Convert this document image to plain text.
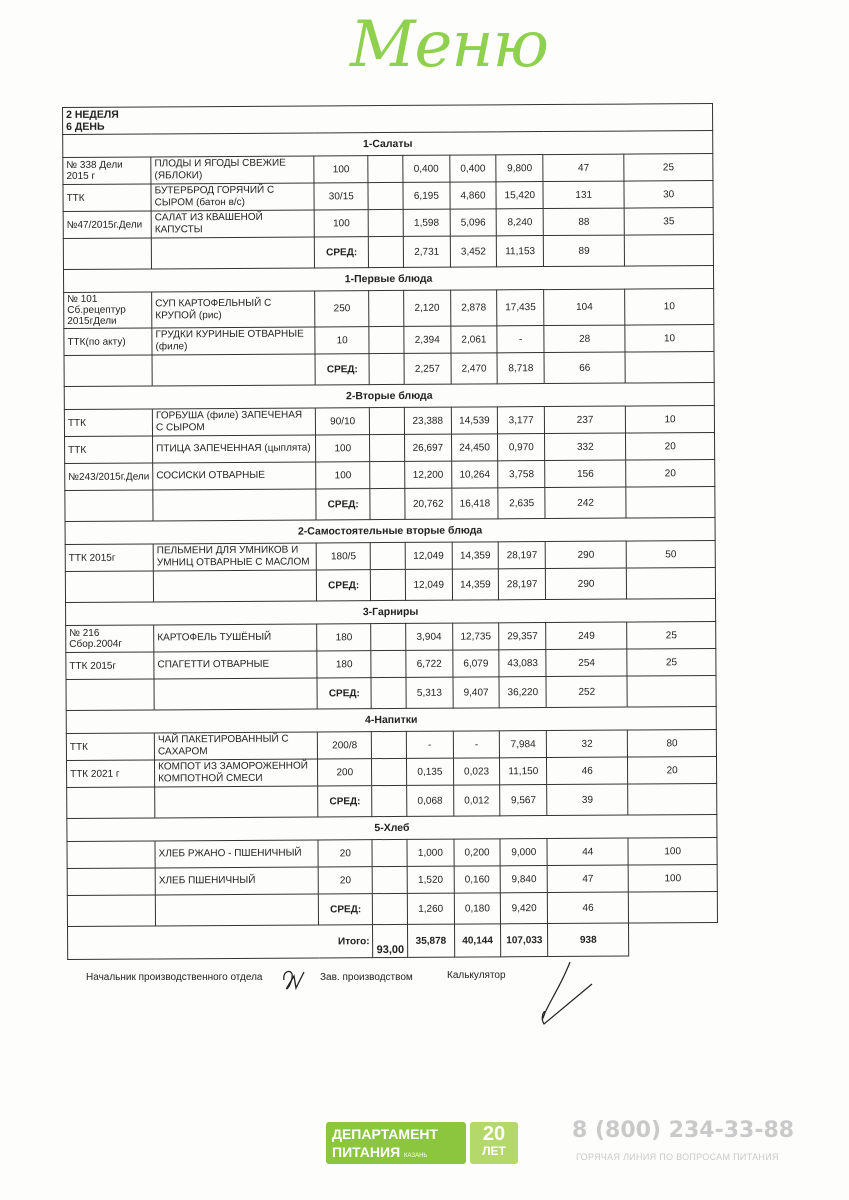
Меню
2 НЕДЕЛЯ
6 ДЕНЬ								
1-Салаты								
№ 338 Дели 2015 г	ПЛОДЫ И ЯГОДЫ СВЕЖИЕ (ЯБЛОКИ)	100		0,400	0,400	9,800	47	25
ТТК	БУТЕРБРОД ГОРЯЧИЙ С СЫРОМ (батон в/с)	30/15		6,195	4,860	15,420	131	30
№47/2015г.Дели	САЛАТ ИЗ КВАШЕНОЙ КАПУСТЫ	100		1,598	5,096	8,240	88	35
		СРЕД:		2,731	3,452	11,153	89	
1-Первые блюда								
№ 101 Сб.рецептур 2015гДели	СУП КАРТОФЕЛЬНЫЙ С КРУПОЙ (рис)	250		2,120	2,878	17,435	104	10
ТТК(по акту)	ГРУДКИ КУРИНЫЕ ОТВАРНЫЕ (филе)	10		2,394	2,061	-	28	10
		СРЕД:		2,257	2,470	8,718	66	
2-Вторые блюда								
ТТК	ГОРБУША (филе) ЗАПЕЧЕНАЯ С СЫРОМ	90/10		23,388	14,539	3,177	237	10
ТТК	ПТИЦА ЗАПЕЧЕННАЯ (цыплята)	100		26,697	24,450	0,970	332	20
№243/2015г.Дели	СОСИСКИ ОТВАРНЫЕ	100		12,200	10,264	3,758	156	20
		СРЕД:		20,762	16,418	2,635	242	
2-Самостоятельные вторые блюда								
ТТК 2015г	ПЕЛЬМЕНИ ДЛЯ УМНИКОВ И УМНИЦ ОТВАРНЫЕ С МАСЛОМ	180/5		12,049	14,359	28,197	290	50
		СРЕД:		12,049	14,359	28,197	290	
3-Гарниры								
№ 216 Сбор.2004г	КАРТОФЕЛЬ ТУШЁНЫЙ	180		3,904	12,735	29,357	249	25
ТТК 2015г	СПАГЕТТИ ОТВАРНЫЕ	180		6,722	6,079	43,083	254	25
		СРЕД:		5,313	9,407	36,220	252	
4-Напитки								
ТТК	ЧАЙ ПАКЕТИРОВАННЫЙ С САХАРОМ	200/8		-	-	7,984	32	80
ТТК 2021 г	КОМПОТ ИЗ ЗАМОРОЖЕННОЙ КОМПОТНОЙ СМЕСИ	200		0,135	0,023	11,150	46	20
		СРЕД:		0,068	0,012	9,567	39	
5-Хлеб								
	ХЛЕБ РЖАНО - ПШЕНИЧНЫЙ	20		1,000	0,200	9,000	44	100
	ХЛЕБ ПШЕНИЧНЫЙ	20		1,520	0,160	9,840	47	100
		СРЕД:		1,260	0,180	9,420	46	
Итого:			93,00	35,878	40,144	107,033	938	
Начальник производственного отдела	Зав. производством	Калькулятор
ДЕПАРТАМЕНТ
ПИТАНИЯ КАЗАНЬ
20
ЛЕТ
8 (800) 234-33-88
ГОРЯЧАЯ ЛИНИЯ ПО ВОПРОСАМ ПИТАНИЯ
